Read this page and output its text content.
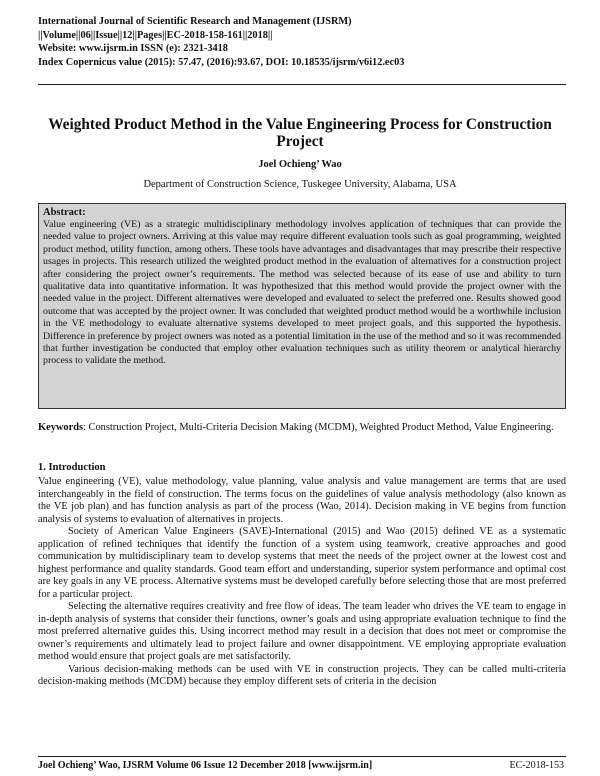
International Journal of Scientific Research and Management (IJSRM)
||Volume||06||Issue||12||Pages||EC-2018-158-161||2018||
Website: www.ijsrm.in ISSN (e): 2321-3418
Index Copernicus value (2015): 57.47, (2016):93.67, DOI: 10.18535/ijsrm/v6i12.ec03
Weighted Product Method in the Value Engineering Process for Construction Project
Joel Ochieng’ Wao
Department of Construction Science, Tuskegee University, Alabama, USA
Abstract:
Value engineering (VE) as a strategic multidisciplinary methodology involves application of techniques that can provide the needed value to project owners. Arriving at this value may require different evaluation tools such as goal programming, weighted product method, utility function, among others. These tools have advantages and disadvantages that may prescribe their respective usages in projects. This research utilized the weighted product method in the evaluation of alternatives for a construction project after considering the project owner’s requirements. The method was selected because of its ease of use and ability to turn qualitative data into quantitative information. It was hypothesized that this method would provide the project owner with the needed value in the project. Different alternatives were developed and evaluated to select the preferred one. Results showed good outcome that was accepted by the project owner. It was concluded that weighted product method would be a worthwhile inclusion in the VE methodology to evaluate alternative systems developed to meet project goals, and this supported the hypothesis. Difference in preference by project owners was noted as a potential limitation in the use of the method and so it was recommended that further investigation be conducted that employ other evaluation techniques such as utility theorem or analytical hierarchy process to validate the method.
Keywords: Construction Project, Multi-Criteria Decision Making (MCDM), Weighted Product Method, Value Engineering.
1. Introduction

Value engineering (VE), value methodology, value planning, value analysis and value management are terms that are used interchangeably in the field of construction. The terms focus on the guidelines of value analysis methodology (also known as the VE job plan) and has function analysis as part of the process (Wao, 2014). Decision making in VE begins from function analysis of systems to evaluation of alternatives in projects.

Society of American Value Engineers (SAVE)-International (2015) and Wao (2015) defined VE as a systematic application of refined techniques that identify the function of a system using teamwork, creative approaches and good communication by multidisciplinary team to develop systems that meet the needs of the project owner at the lowest cost and highest performance and quality standards. Good team effort and understanding, superior system performance and optimal cost are key goals in any VE process. Alternative systems must be developed carefully before selecting those that are most preferred for a particular project.

Selecting the alternative requires creativity and free flow of ideas. The team leader who drives the VE team to engage in in-depth analysis of systems that consider their functions, owner’s goals and using appropriate evaluation technique to find the most preferred alternative guides this. Using incorrect method may result in a decision that does not meet or compromise the owner’s requirements and ultimately lead to project failure and owner disappointment. VE employing appropriate evaluation method would ensure that project goals are met satisfactorily.

Various decision-making methods can be used with VE in construction projects. They can be called multi-criteria decision-making methods (MCDM) because they employ different sets of criteria in the decision

Joel Ochieng’ Wao, IJSRM Volume 06 Issue 12 December 2018 [www.ijsrm.in]	EC-2018-153
